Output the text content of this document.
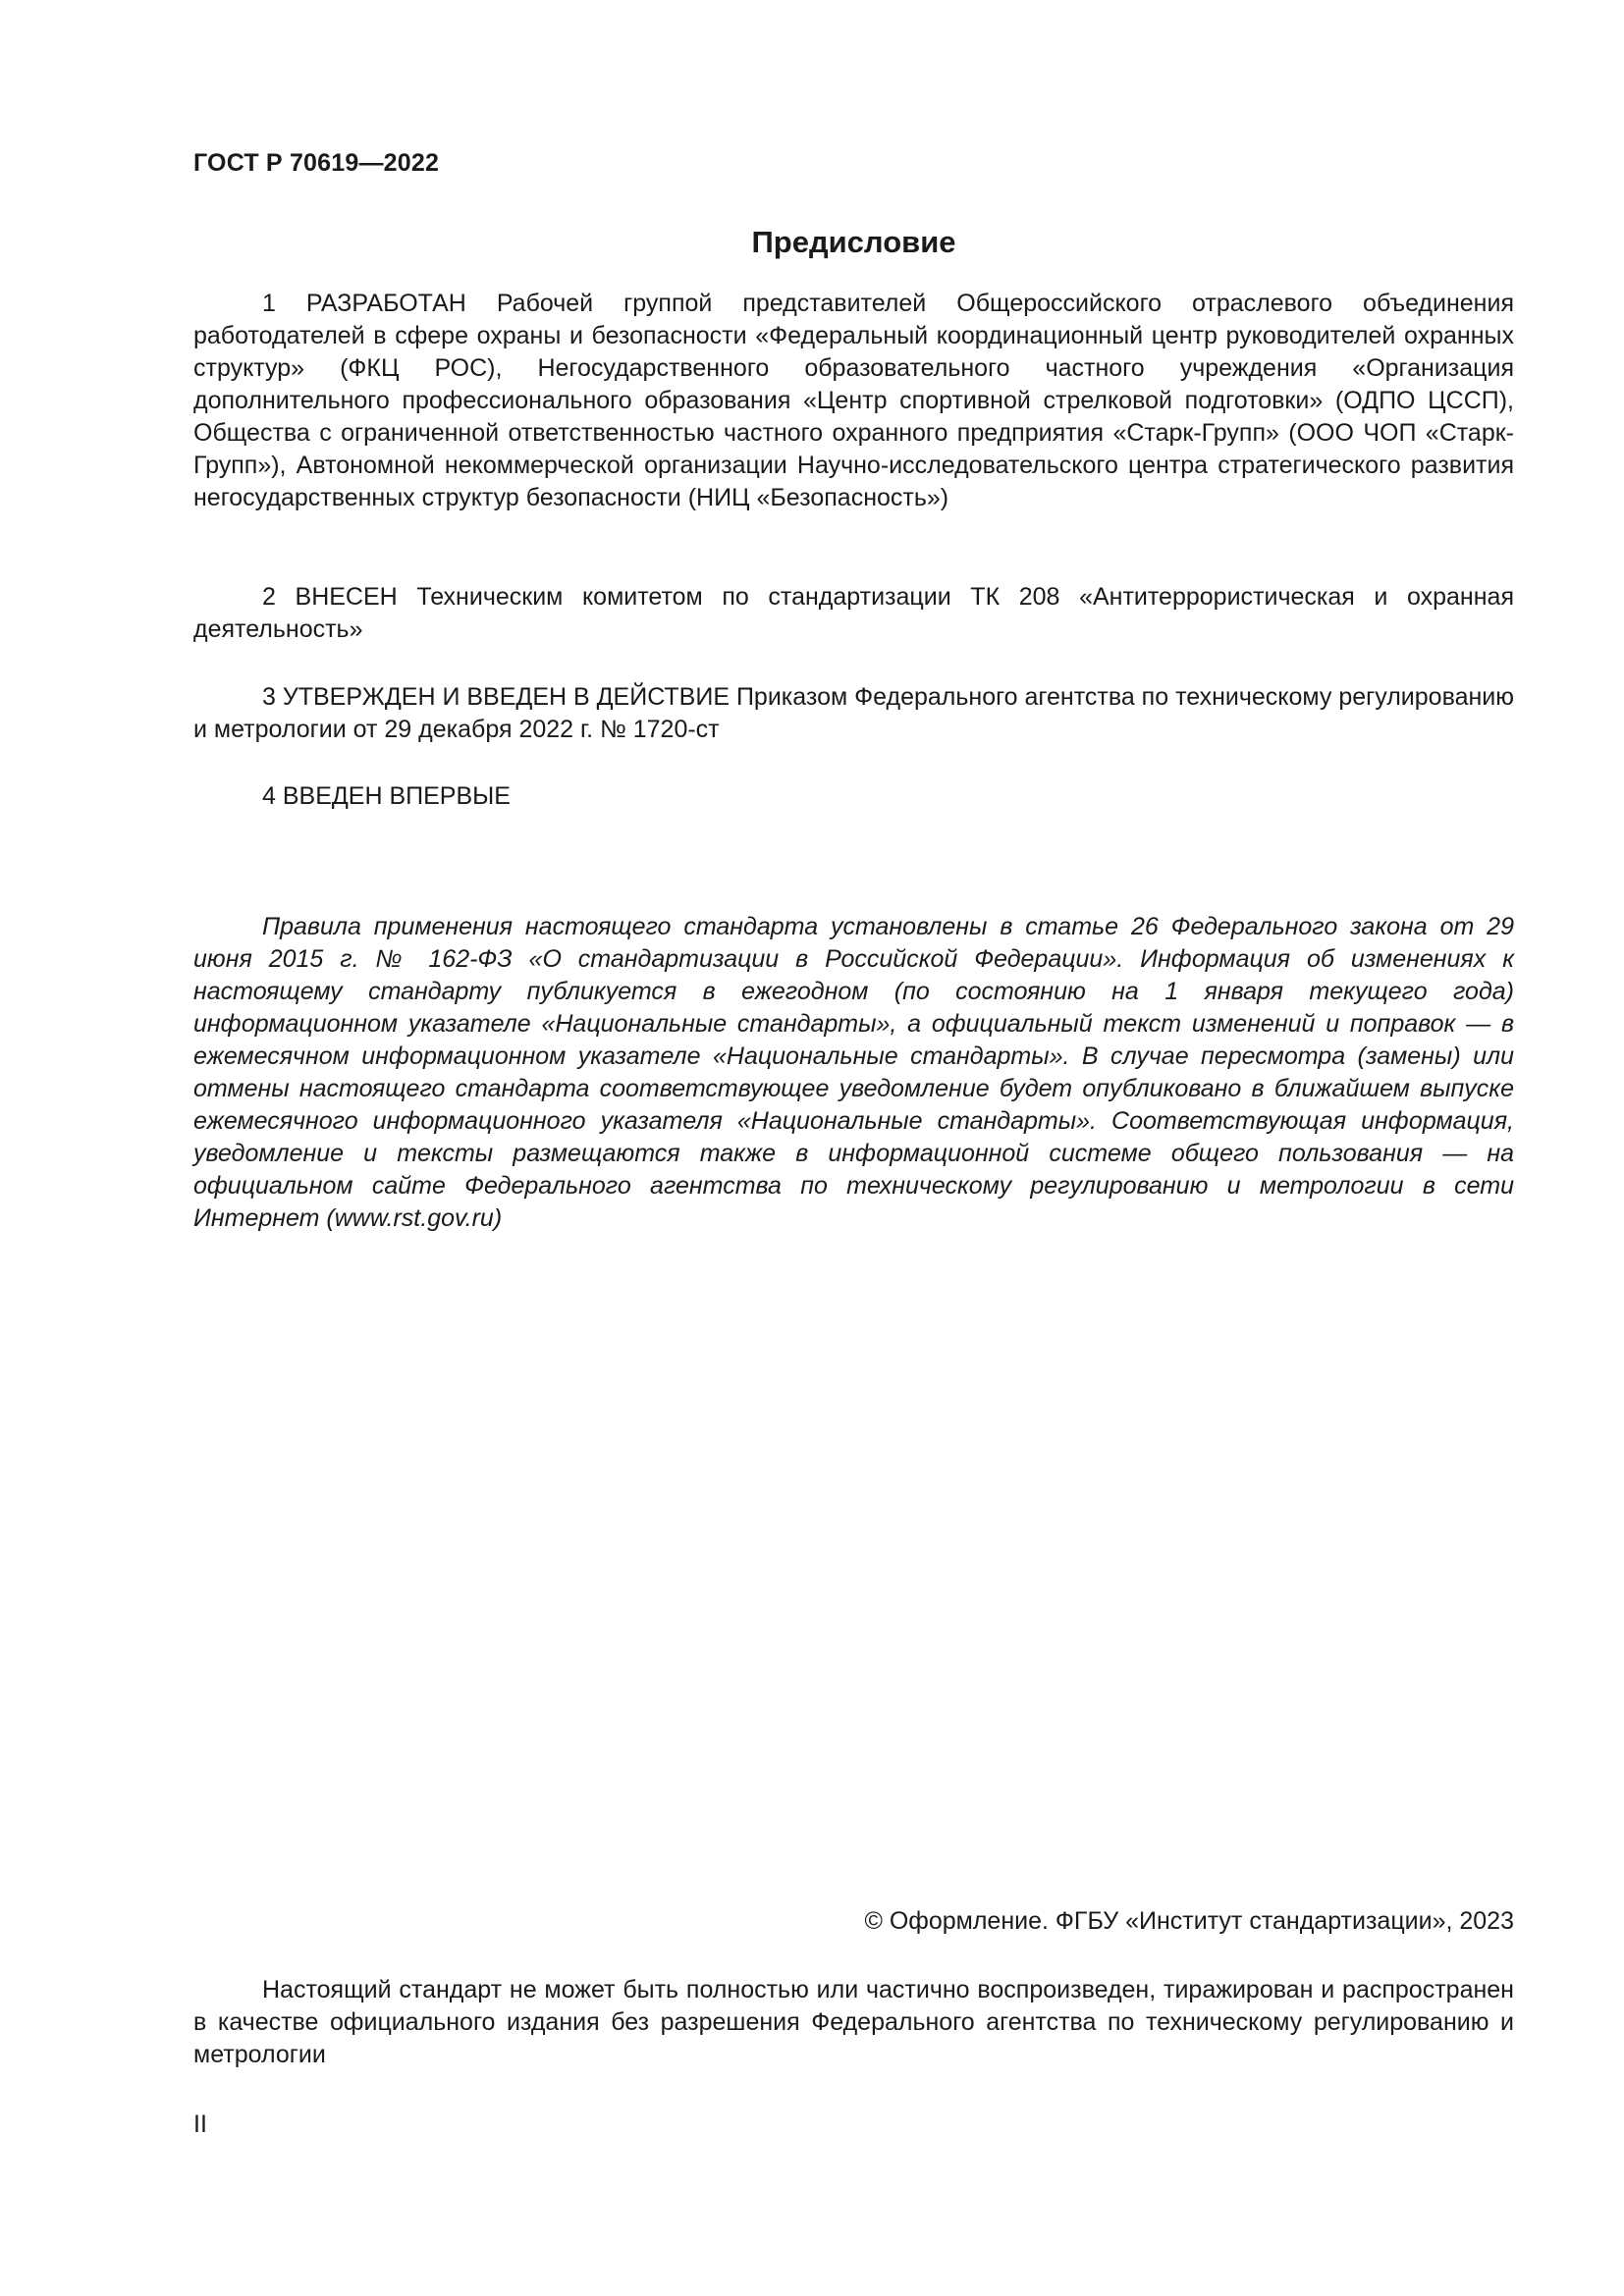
ГОСТ Р 70619—2022
Предисловие

1 РАЗРАБОТАН Рабочей группой представителей Общероссийского отраслевого объединения работодателей в сфере охраны и безопасности «Федеральный координационный центр руководителей охранных структур» (ФКЦ РОС), Негосударственного образовательного частного учреждения «Организация дополнительного профессионального образования «Центр спортивной стрелковой подготовки» (ОДПО ЦССП), Общества с ограниченной ответственностью частного охранного предприятия «Старк-Групп» (ООО ЧОП «Старк-Групп»), Автономной некоммерческой организации Научно-исследовательского центра стратегического развития негосударственных структур безопасности (НИЦ «Безопасность»)

2 ВНЕСЕН Техническим комитетом по стандартизации ТК 208 «Антитеррористическая и охранная деятельность»

3 УТВЕРЖДЕН И ВВЕДЕН В ДЕЙСТВИЕ Приказом Федерального агентства по техническому регулированию и метрологии от 29 декабря 2022 г. № 1720-ст

4 ВВЕДЕН ВПЕРВЫЕ

Правила применения настоящего стандарта установлены в статье 26 Федерального закона от 29 июня 2015 г. № 162-ФЗ «О стандартизации в Российской Федерации». Информация об изменениях к настоящему стандарту публикуется в ежегодном (по состоянию на 1 января текущего года) информационном указателе «Национальные стандарты», а официальный текст изменений и поправок — в ежемесячном информационном указателе «Национальные стандарты». В случае пересмотра (замены) или отмены настоящего стандарта соответствующее уведомление будет опубликовано в ближайшем выпуске ежемесячного информационного указателя «Национальные стандарты». Соответствующая информация, уведомление и тексты размещаются также в информационной системе общего пользования — на официальном сайте Федерального агентства по техническому регулированию и метрологии в сети Интернет (www.rst.gov.ru)

© Оформление. ФГБУ «Институт стандартизации», 2023

Настоящий стандарт не может быть полностью или частично воспроизведен, тиражирован и распространен в качестве официального издания без разрешения Федерального агентства по техническому регулированию и метрологии

II
